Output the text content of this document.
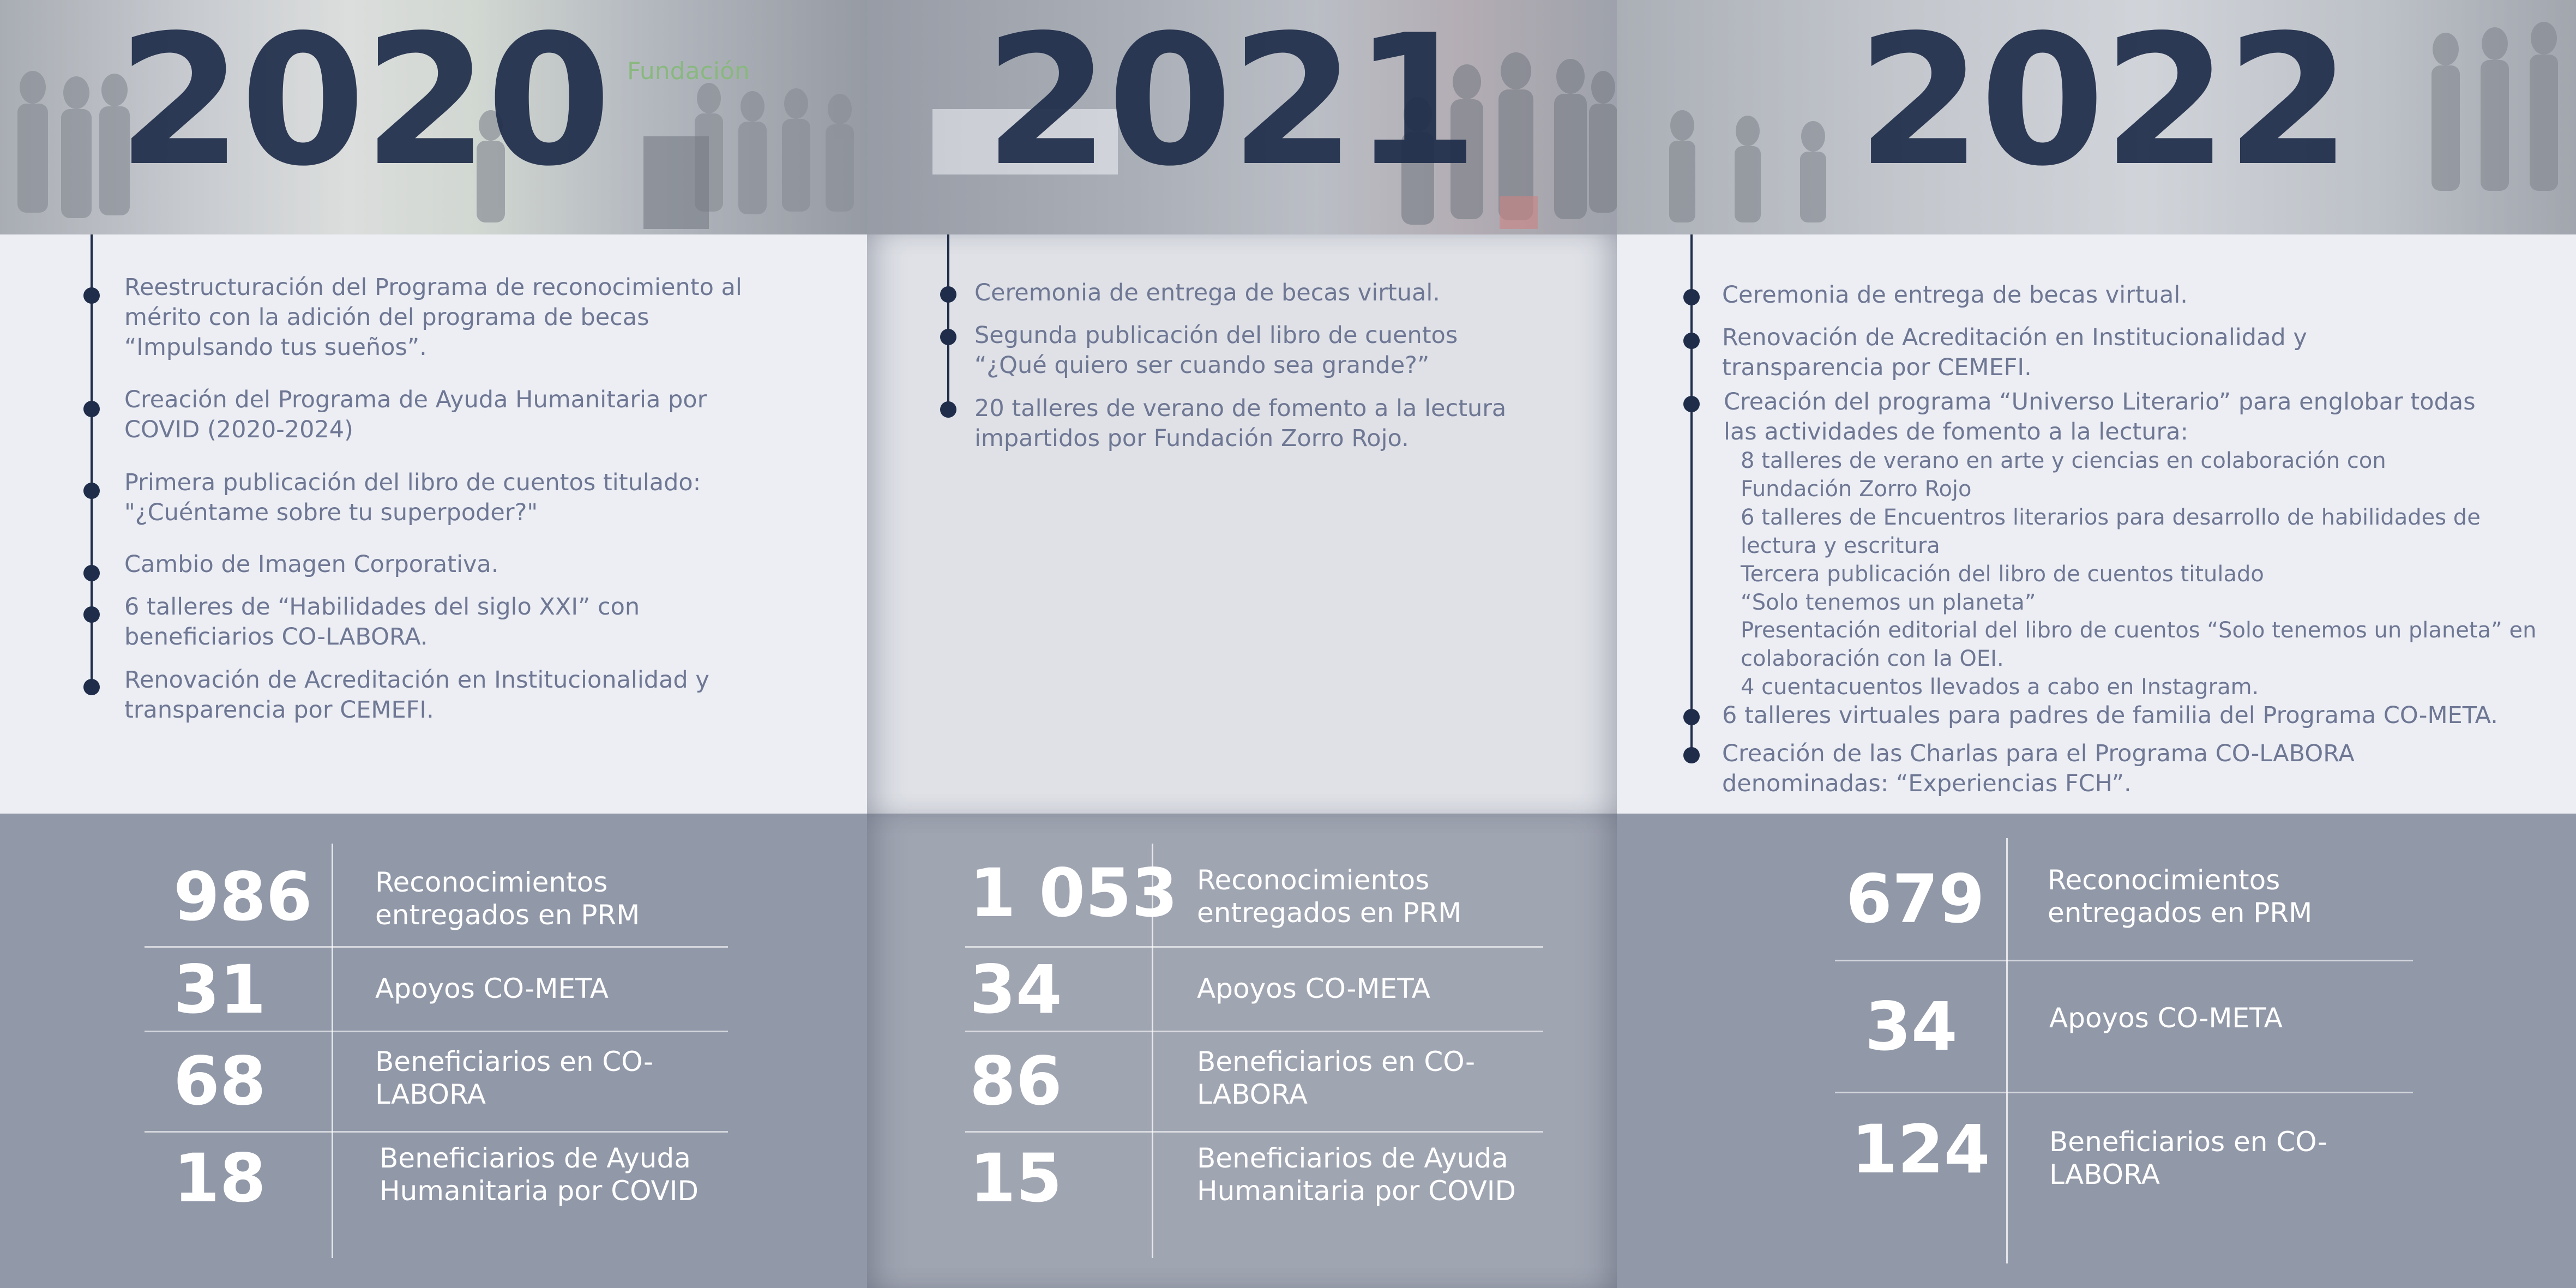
Fundación
2020
Reestructuración del Programa de reconocimiento al mérito con la adición del programa de becas “Impulsando tus sueños”.
Creación del Programa de Ayuda Humanitaria por COVID (2020-2024)
Primera publicación del libro de cuentos titulado: "¿Cuéntame sobre tu superpoder?"
Cambio de Imagen Corporativa.
6 talleres de “Habilidades del siglo XXI” con beneficiarios CO-LABORA.
Renovación de Acreditación en Institucionalidad y transparencia por CEMEFI.
986 Reconocimientos entregados en PRM
31	Apoyos CO-META
68	Beneficiarios en CO-LABORA
18	Beneficiarios de Ayuda Humanitaria por COVID
2021
Ceremonia de entrega de becas virtual.
Segunda publicación del libro de cuentos “¿Qué quiero ser cuando sea grande?”
20 talleres de verano de fomento a la lectura impartidos por Fundación Zorro Rojo.
1 053 Reconocimientos entregados en PRM
34	Apoyos CO-META
86	Beneficiarios en CO-LABORA
15	Beneficiarios de Ayuda Humanitaria por COVID
2022
Ceremonia de entrega de becas virtual.
Renovación de Acreditación en Institucionalidad y transparencia por CEMEFI.
Creación del programa “Universo Literario” para englobar todas las actividades de fomento a la lectura:
8 talleres de verano en arte y ciencias en colaboración con Fundación Zorro Rojo
6 talleres de Encuentros literarios para desarrollo de habilidades de lectura y escritura
Tercera publicación del libro de cuentos titulado “Solo tenemos un planeta”
Presentación editorial del libro de cuentos “Solo tenemos un planeta” en colaboración con la OEI.
4 cuentacuentos llevados a cabo en Instagram.
6 talleres virtuales para padres de familia del Programa CO-META.
Creación de las Charlas para el Programa CO-LABORA denominadas: “Experiencias FCH”.
679 Reconocimientos entregados en PRM
34	Apoyos CO-META
124 Beneficiarios en CO-LABORA
